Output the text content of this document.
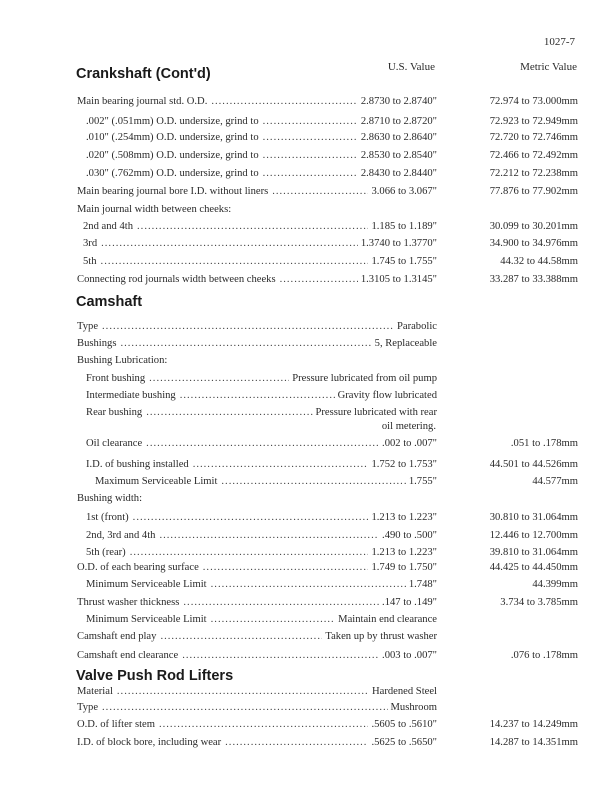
1027-7
U.S. Value	Metric Value
Crankshaft (Cont'd)
Main bearing journal std. O.D. .....	2.8730 to 2.8740"	72.974 to 73.000mm
.002" (.051mm) O.D. undersize, grind to .....	2.8710 to 2.8720"	72.923 to 72.949mm
.010" (.254mm) O.D. undersize, grind to .....	2.8630 to 2.8640"	72.720 to 72.746mm
.020" (.508mm) O.D. undersize, grind to .....	2.8530 to 2.8540"	72.466 to 72.492mm
.030" (.762mm) O.D. undersize, grind to .....	2.8430 to 2.8440"	72.212 to 72.238mm
Main bearing journal bore I.D. without liners .....	3.066 to 3.067"	77.876 to 77.902mm
Main journal width between cheeks:
2nd and 4th .....	1.185 to 1.189"	30.099 to 30.201mm
3rd .....	1.3740 to 1.3770"	34.900 to 34.976mm
5th .....	1.745 to 1.755"	44.32 to 44.58mm
Connecting rod journals width between cheeks .....	1.3105 to 1.3145"	33.287 to 33.388mm
Camshaft
Type .....	Parabolic
Bushings .....	5, Replaceable
Bushing Lubrication:
Front bushing .....	Pressure lubricated from oil pump
Intermediate bushing .....	Gravity flow lubricated
Rear bushing .....	Pressure lubricated with rear
oil metering.
Oil clearance .....	.002 to .007"	.051 to .178mm
I.D. of bushing installed .....	1.752 to 1.753"	44.501 to 44.526mm
Maximum Serviceable Limit .....	1.755"	44.577mm
Bushing width:
1st (front) .....	1.213 to 1.223"	30.810 to 31.064mm
2nd, 3rd and 4th .....	.490 to .500"	12.446 to 12.700mm
5th (rear) .....	1.213 to 1.223"	39.810 to 31.064mm
O.D. of each bearing surface .....	1.749 to 1.750"	44.425 to 44.450mm
Minimum Serviceable Limit .....	1.748"	44.399mm
Thrust washer thickness .....	.147 to .149"	3.734 to 3.785mm
Minimum Serviceable Limit .....	Maintain end clearance
Camshaft end play .....	Taken up by thrust washer
Camshaft end clearance .....	.003 to .007"	.076 to .178mm
Valve Push Rod Lifters
Material .....	Hardened Steel
Type .....	Mushroom
O.D. of lifter stem .....	.5605 to .5610"	14.237 to 14.249mm
I.D. of block bore, including wear .....	.5625 to .5650"	14.287 to 14.351mm
